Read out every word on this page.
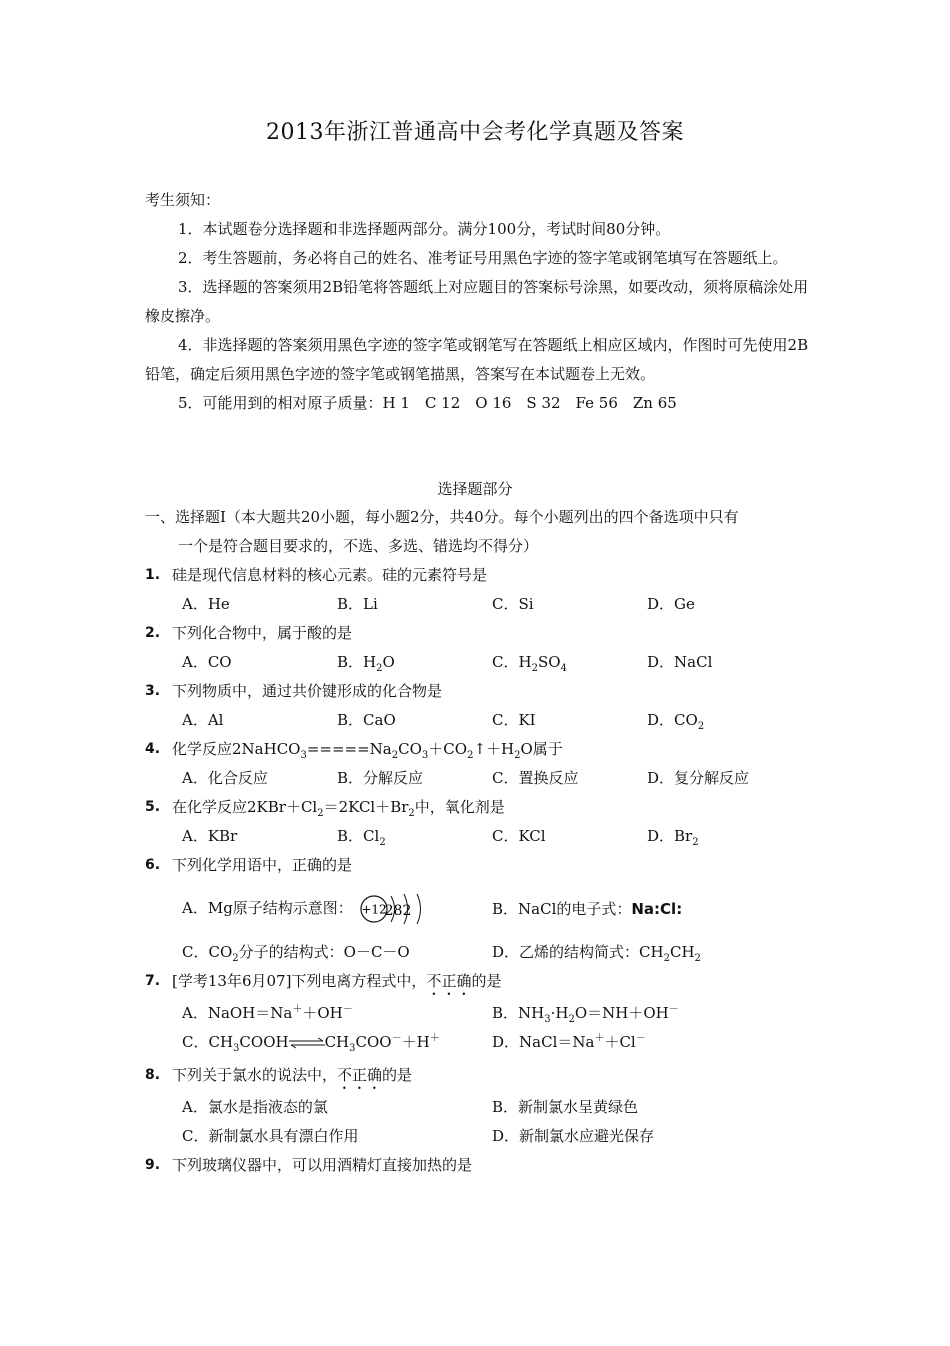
2013年浙江普通高中会考化学真题及答案

考生须知：

1．本试题卷分选择题和非选择题两部分。满分100分，考试时间80分钟。

2．考生答题前，务必将自己的姓名、准考证号用黑色字迹的签字笔或钢笔填写在答题纸上。

3．选择题的答案须用2B铅笔将答题纸上对应题目的答案标号涂黑，如要改动，须将原稿涂处用橡皮擦净。

4．非选择题的答案须用黑色字迹的签字笔或钢笔写在答题纸上相应区域内，作图时可先使用2B铅笔，确定后须用黑色字迹的签字笔或钢笔描黑，答案写在本试题卷上无效。

5．可能用到的相对原子质量：H 1　C 12　O 16　S 32　Fe 56　Zn 65

选择题部分

一、选择题Ⅰ（本大题共20小题，每小题2分，共40分。每个小题列出的四个备选项中只有

一个是符合题目要求的，不选、多选、错选均不得分）

1. 硅是现代信息材料的核心元素。硅的元素符号是

A．He	B．Li	C．Si	D．Ge

2. 下列化合物中，属于酸的是

A．CO	B．$H_2O$	C．$H_2SO_4$	D．NaCl

3. 下列物质中，通过共价键形成的化合物是

A．Al	B．CaO	C．KI	D．$CO_2$

4. 化学反应$2NaHCO_3=====Na_2CO_3+CO_2↑+H_2O$属于

A．化合反应	B．分解反应	C．置换反应	D．复分解反应

5. 在化学反应$2KBr+Cl_2=2KCl+Br_2$中，氧化剂是

A．KBr	B．$Cl_2$	C．KCl	D．$Br_2$

6. 下列化学用语中，正确的是

A．Mg原子结构示意图： +12
282	B．NaCl的电子式：Na:Cl:
C．$CO_2$分子的结构式：O－C－O	D．乙烯的结构简式：$CH_2CH_2$

7. [学考13年6月07]下列电离方程式中，不正确的是

A．NaOH＝Na＋＋OH－	B．$NH_3\cdot H_2O=NH+OH^-$
C．$CH_3COOH\rightleftharpoons CH_3COO^-+H^+$	D．NaCl＝Na＋＋Cl－

8. 下列关于氯水的说法中，不正确的是

A．氯水是指液态的氯	B．新制氯水呈黄绿色
C．新制氯水具有漂白作用	D．新制氯水应避光保存

9. 下列玻璃仪器中，可以用酒精灯直接加热的是
